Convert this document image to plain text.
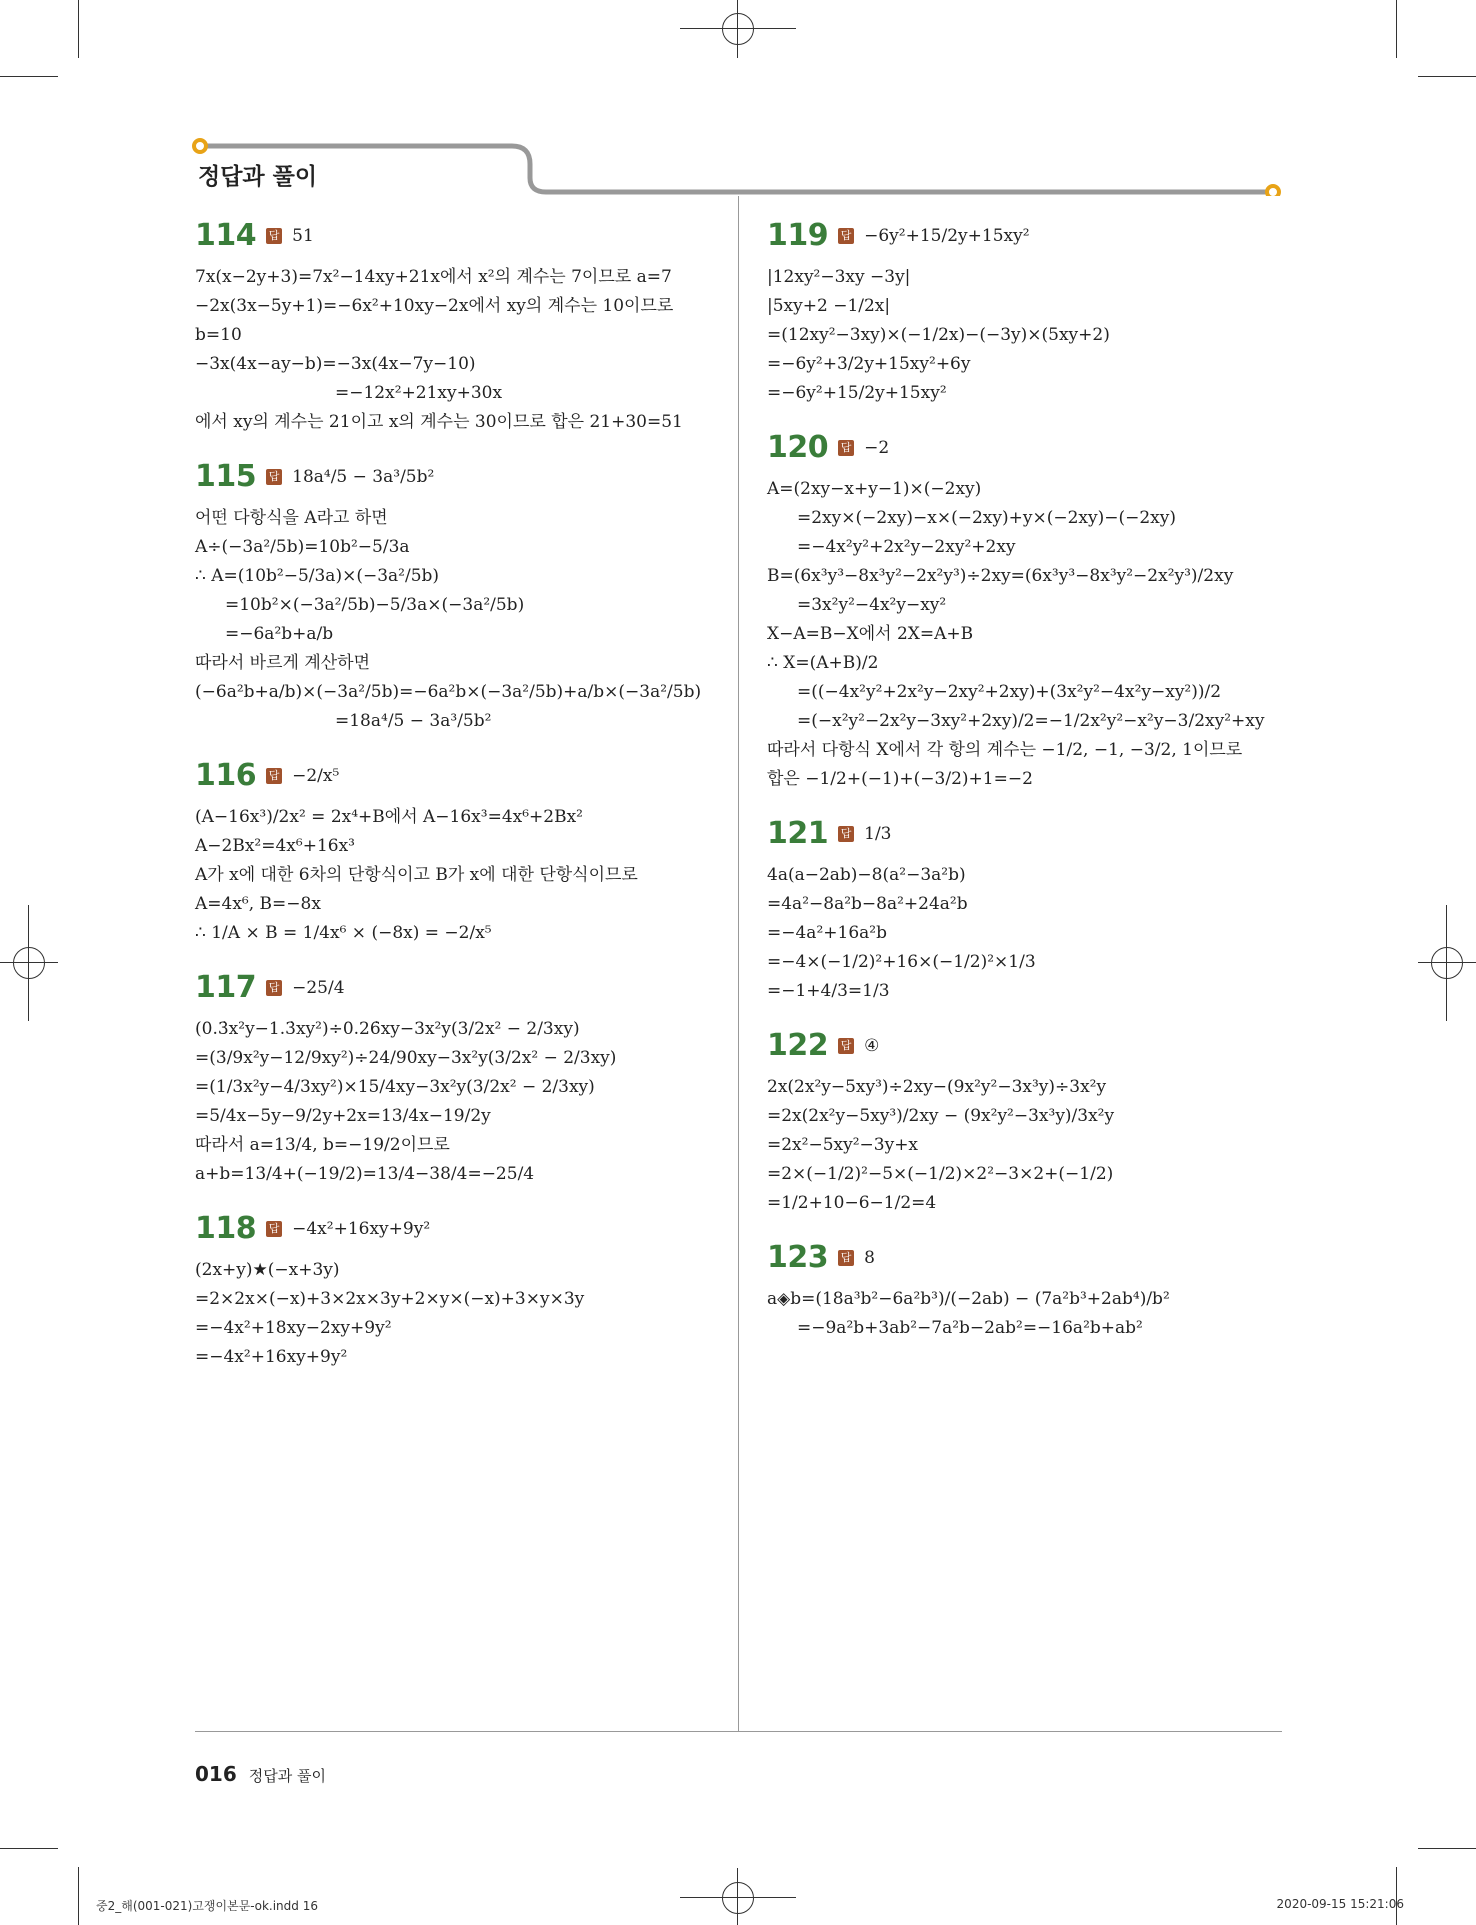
정답과 풀이
114 답 51
7x(x−2y+3)=7x²−14xy+21x에서 x²의 계수는 7이므로 a=7
−2x(3x−5y+1)=−6x²+10xy−2x에서 xy의 계수는 10이므로
b=10
−3x(4x−ay−b)=−3x(4x−7y−10)
=−12x²+21xy+30x
에서 xy의 계수는 21이고 x의 계수는 30이므로 합은 21+30=51
115 답 18a⁴/5 − 3a³/5b²
어떤 다항식을 A라고 하면
A÷(−3a²/5b)=10b²−5/3a
∴ A=(10b²−5/3a)×(−3a²/5b)
=10b²×(−3a²/5b)−5/3a×(−3a²/5b)
=−6a²b+a/b
따라서 바르게 계산하면
(−6a²b+a/b)×(−3a²/5b)=−6a²b×(−3a²/5b)+a/b×(−3a²/5b)
=18a⁴/5 − 3a³/5b²
116 답 −2/x⁵
(A−16x³)/2x² = 2x⁴+B에서 A−16x³=4x⁶+2Bx²
A−2Bx²=4x⁶+16x³
A가 x에 대한 6차의 단항식이고 B가 x에 대한 단항식이므로
A=4x⁶, B=−8x
∴ 1/A × B = 1/4x⁶ × (−8x) = −2/x⁵
117 답 −25/4
(0.3̇x²y−1.3̇xy²)÷0.26̇xy−3x²y(3/2x² − 2/3xy)
=(3/9x²y−12/9xy²)÷24/90xy−3x²y(3/2x² − 2/3xy)
=(1/3x²y−4/3xy²)×15/4xy−3x²y(3/2x² − 2/3xy)
=5/4x−5y−9/2y+2x=13/4x−19/2y
따라서 a=13/4, b=−19/2이므로
a+b=13/4+(−19/2)=13/4−38/4=−25/4
118 답 −4x²+16xy+9y²
(2x+y)★(−x+3y)
=2×2x×(−x)+3×2x×3y+2×y×(−x)+3×y×3y
=−4x²+18xy−2xy+9y²
=−4x²+16xy+9y²
119 답 −6y²+15/2y+15xy²
|12xy²−3xy −3y|
|5xy+2 −1/2x|
=(12xy²−3xy)×(−1/2x)−(−3y)×(5xy+2)
=−6y²+3/2y+15xy²+6y
=−6y²+15/2y+15xy²
120 답 −2
A=(2xy−x+y−1)×(−2xy)
=2xy×(−2xy)−x×(−2xy)+y×(−2xy)−(−2xy)
=−4x²y²+2x²y−2xy²+2xy
B=(6x³y³−8x³y²−2x²y³)÷2xy=(6x³y³−8x³y²−2x²y³)/2xy
=3x²y²−4x²y−xy²
X−A=B−X에서 2X=A+B
∴ X=(A+B)/2
=((−4x²y²+2x²y−2xy²+2xy)+(3x²y²−4x²y−xy²))/2
=(−x²y²−2x²y−3xy²+2xy)/2=−1/2x²y²−x²y−3/2xy²+xy
따라서 다항식 X에서 각 항의 계수는 −1/2, −1, −3/2, 1이므로
합은 −1/2+(−1)+(−3/2)+1=−2
121 답 1/3
4a(a−2ab)−8(a²−3a²b)
=4a²−8a²b−8a²+24a²b
=−4a²+16a²b
=−4×(−1/2)²+16×(−1/2)²×1/3
=−1+4/3=1/3
122 답 ④
2x(2x²y−5xy³)÷2xy−(9x²y²−3x³y)÷3x²y
=2x(2x²y−5xy³)/2xy − (9x²y²−3x³y)/3x²y
=2x²−5xy²−3y+x
=2×(−1/2)²−5×(−1/2)×2²−3×2+(−1/2)
=1/2+10−6−1/2=4
123 답 8
a◈b=(18a³b²−6a²b³)/(−2ab) − (7a²b³+2ab⁴)/b²
=−9a²b+3ab²−7a²b−2ab²=−16a²b+ab²
016 정답과 풀이
중2_해(001-021)고쟁이본문-ok.indd 16	2020-09-15 15:21:06
